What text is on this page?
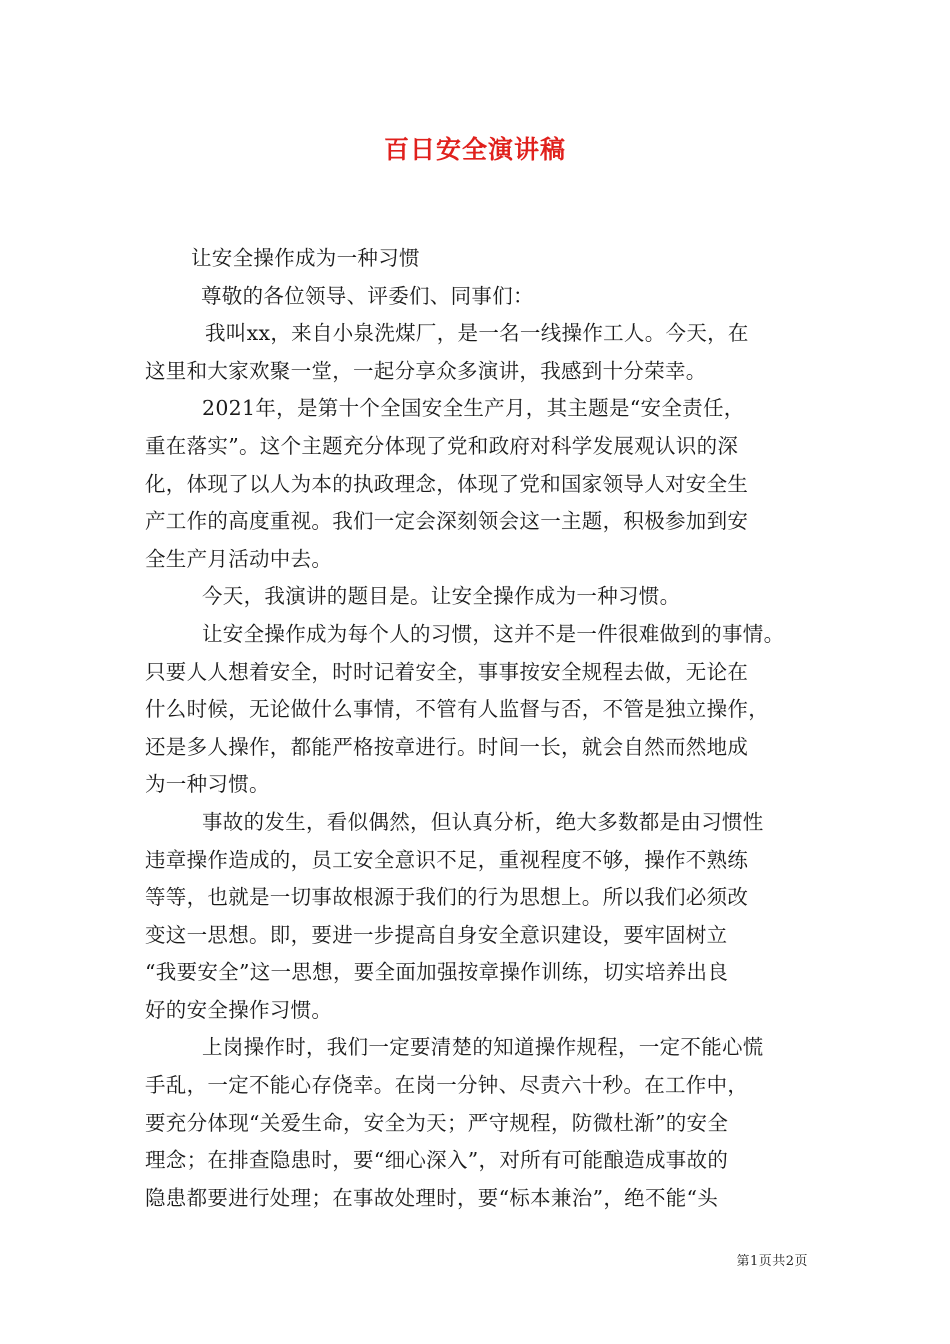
百日安全演讲稿
让安全操作成为一种习惯
尊敬的各位领导、评委们、同事们：
我叫xx，来自小泉洗煤厂，是一名一线操作工人。今天，在
这里和大家欢聚一堂，一起分享众多演讲，我感到十分荣幸。
2021年，是第十个全国安全生产月，其主题是“安全责任，
重在落实”。这个主题充分体现了党和政府对科学发展观认识的深
化，体现了以人为本的执政理念，体现了党和国家领导人对安全生
产工作的高度重视。我们一定会深刻领会这一主题，积极参加到安
全生产月活动中去。
今天，我演讲的题目是。让安全操作成为一种习惯。
让安全操作成为每个人的习惯，这并不是一件很难做到的事情。
只要人人想着安全，时时记着安全，事事按安全规程去做，无论在
什么时候，无论做什么事情，不管有人监督与否，不管是独立操作，
还是多人操作，都能严格按章进行。时间一长，就会自然而然地成
为一种习惯。
事故的发生，看似偶然，但认真分析，绝大多数都是由习惯性
违章操作造成的，员工安全意识不足，重视程度不够，操作不熟练
等等，也就是一切事故根源于我们的行为思想上。所以我们必须改
变这一思想。即，要进一步提高自身安全意识建设，要牢固树立
“我要安全”这一思想，要全面加强按章操作训练，切实培养出良
好的安全操作习惯。
上岗操作时，我们一定要清楚的知道操作规程，一定不能心慌
手乱，一定不能心存侥幸。在岗一分钟、尽责六十秒。在工作中，
要充分体现“关爱生命，安全为天；严守规程，防微杜渐”的安全
理念；在排查隐患时，要“细心深入”，对所有可能酿造成事故的
隐患都要进行处理；在事故处理时，要“标本兼治”，绝不能“头
第1页共2页
